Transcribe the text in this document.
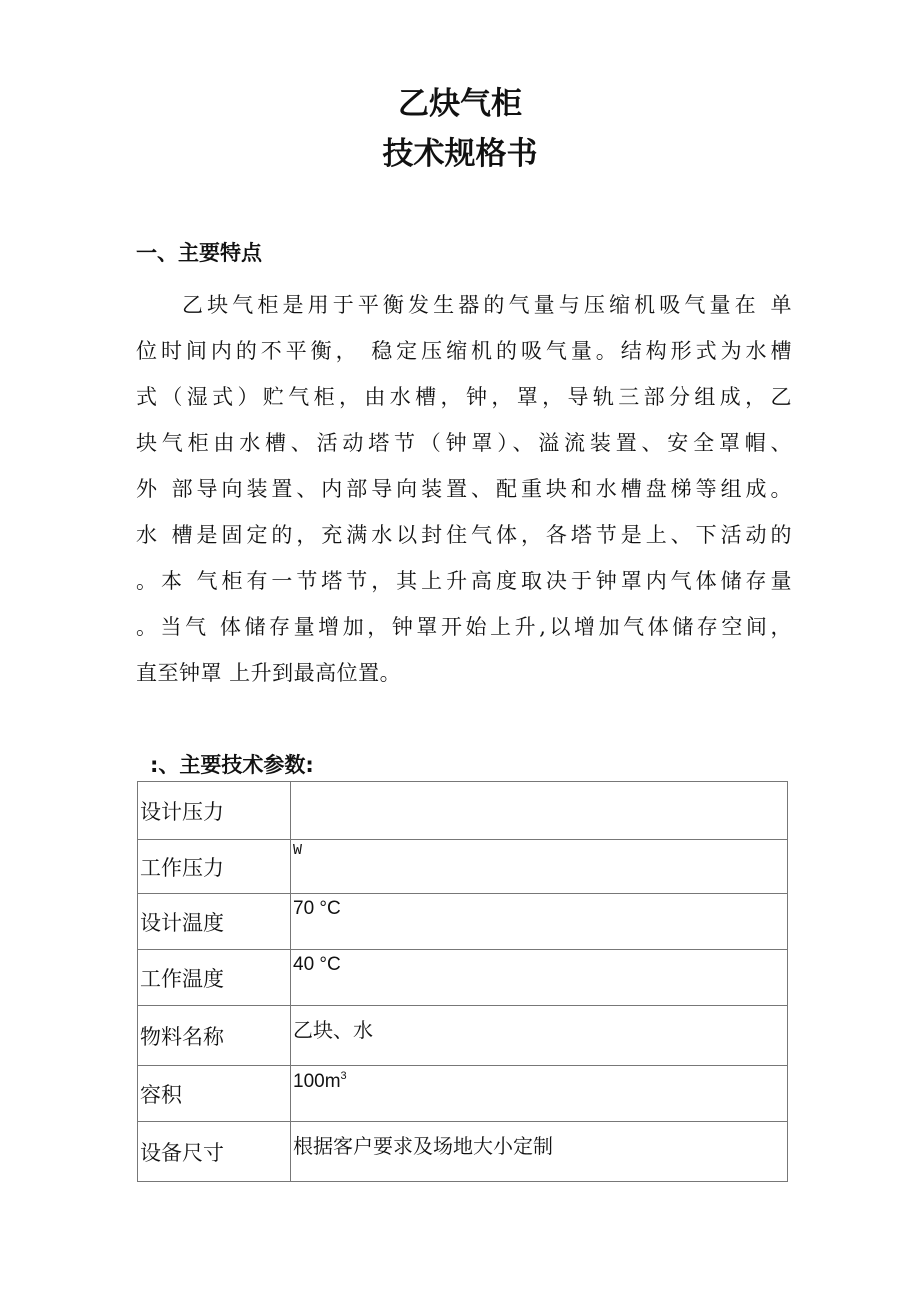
乙炔气柜
技术规格书
一、主要特点
乙块气柜是用于平衡发生器的气量与压缩机吸气量在 单
位时间内的不平衡， 稳定压缩机的吸气量。结构形式为水槽
式（湿式）贮气柜，由水槽，钟，罩，导轨三部分组成，乙
块气柜由水槽、活动塔节（钟罩）、溢流装置、安全罩帽、
外 部导向装置、内部导向装置、配重块和水槽盘梯等组成。
水 槽是固定的，充满水以封住气体，各塔节是上、下活动的
。本 气柜有一节塔节，其上升高度取决于钟罩内气体储存量
。当气 体储存量增加，钟罩开始上升,以增加气体储存空间，
直至钟罩 上升到最高位置。
:、主要技术参数:
设计压力	
工作压力	W
设计温度	70 °C
工作温度	40 °C
物料名称	乙块、水
容积	$100m^3$
设备尺寸	根据客户要求及场地大小定制
